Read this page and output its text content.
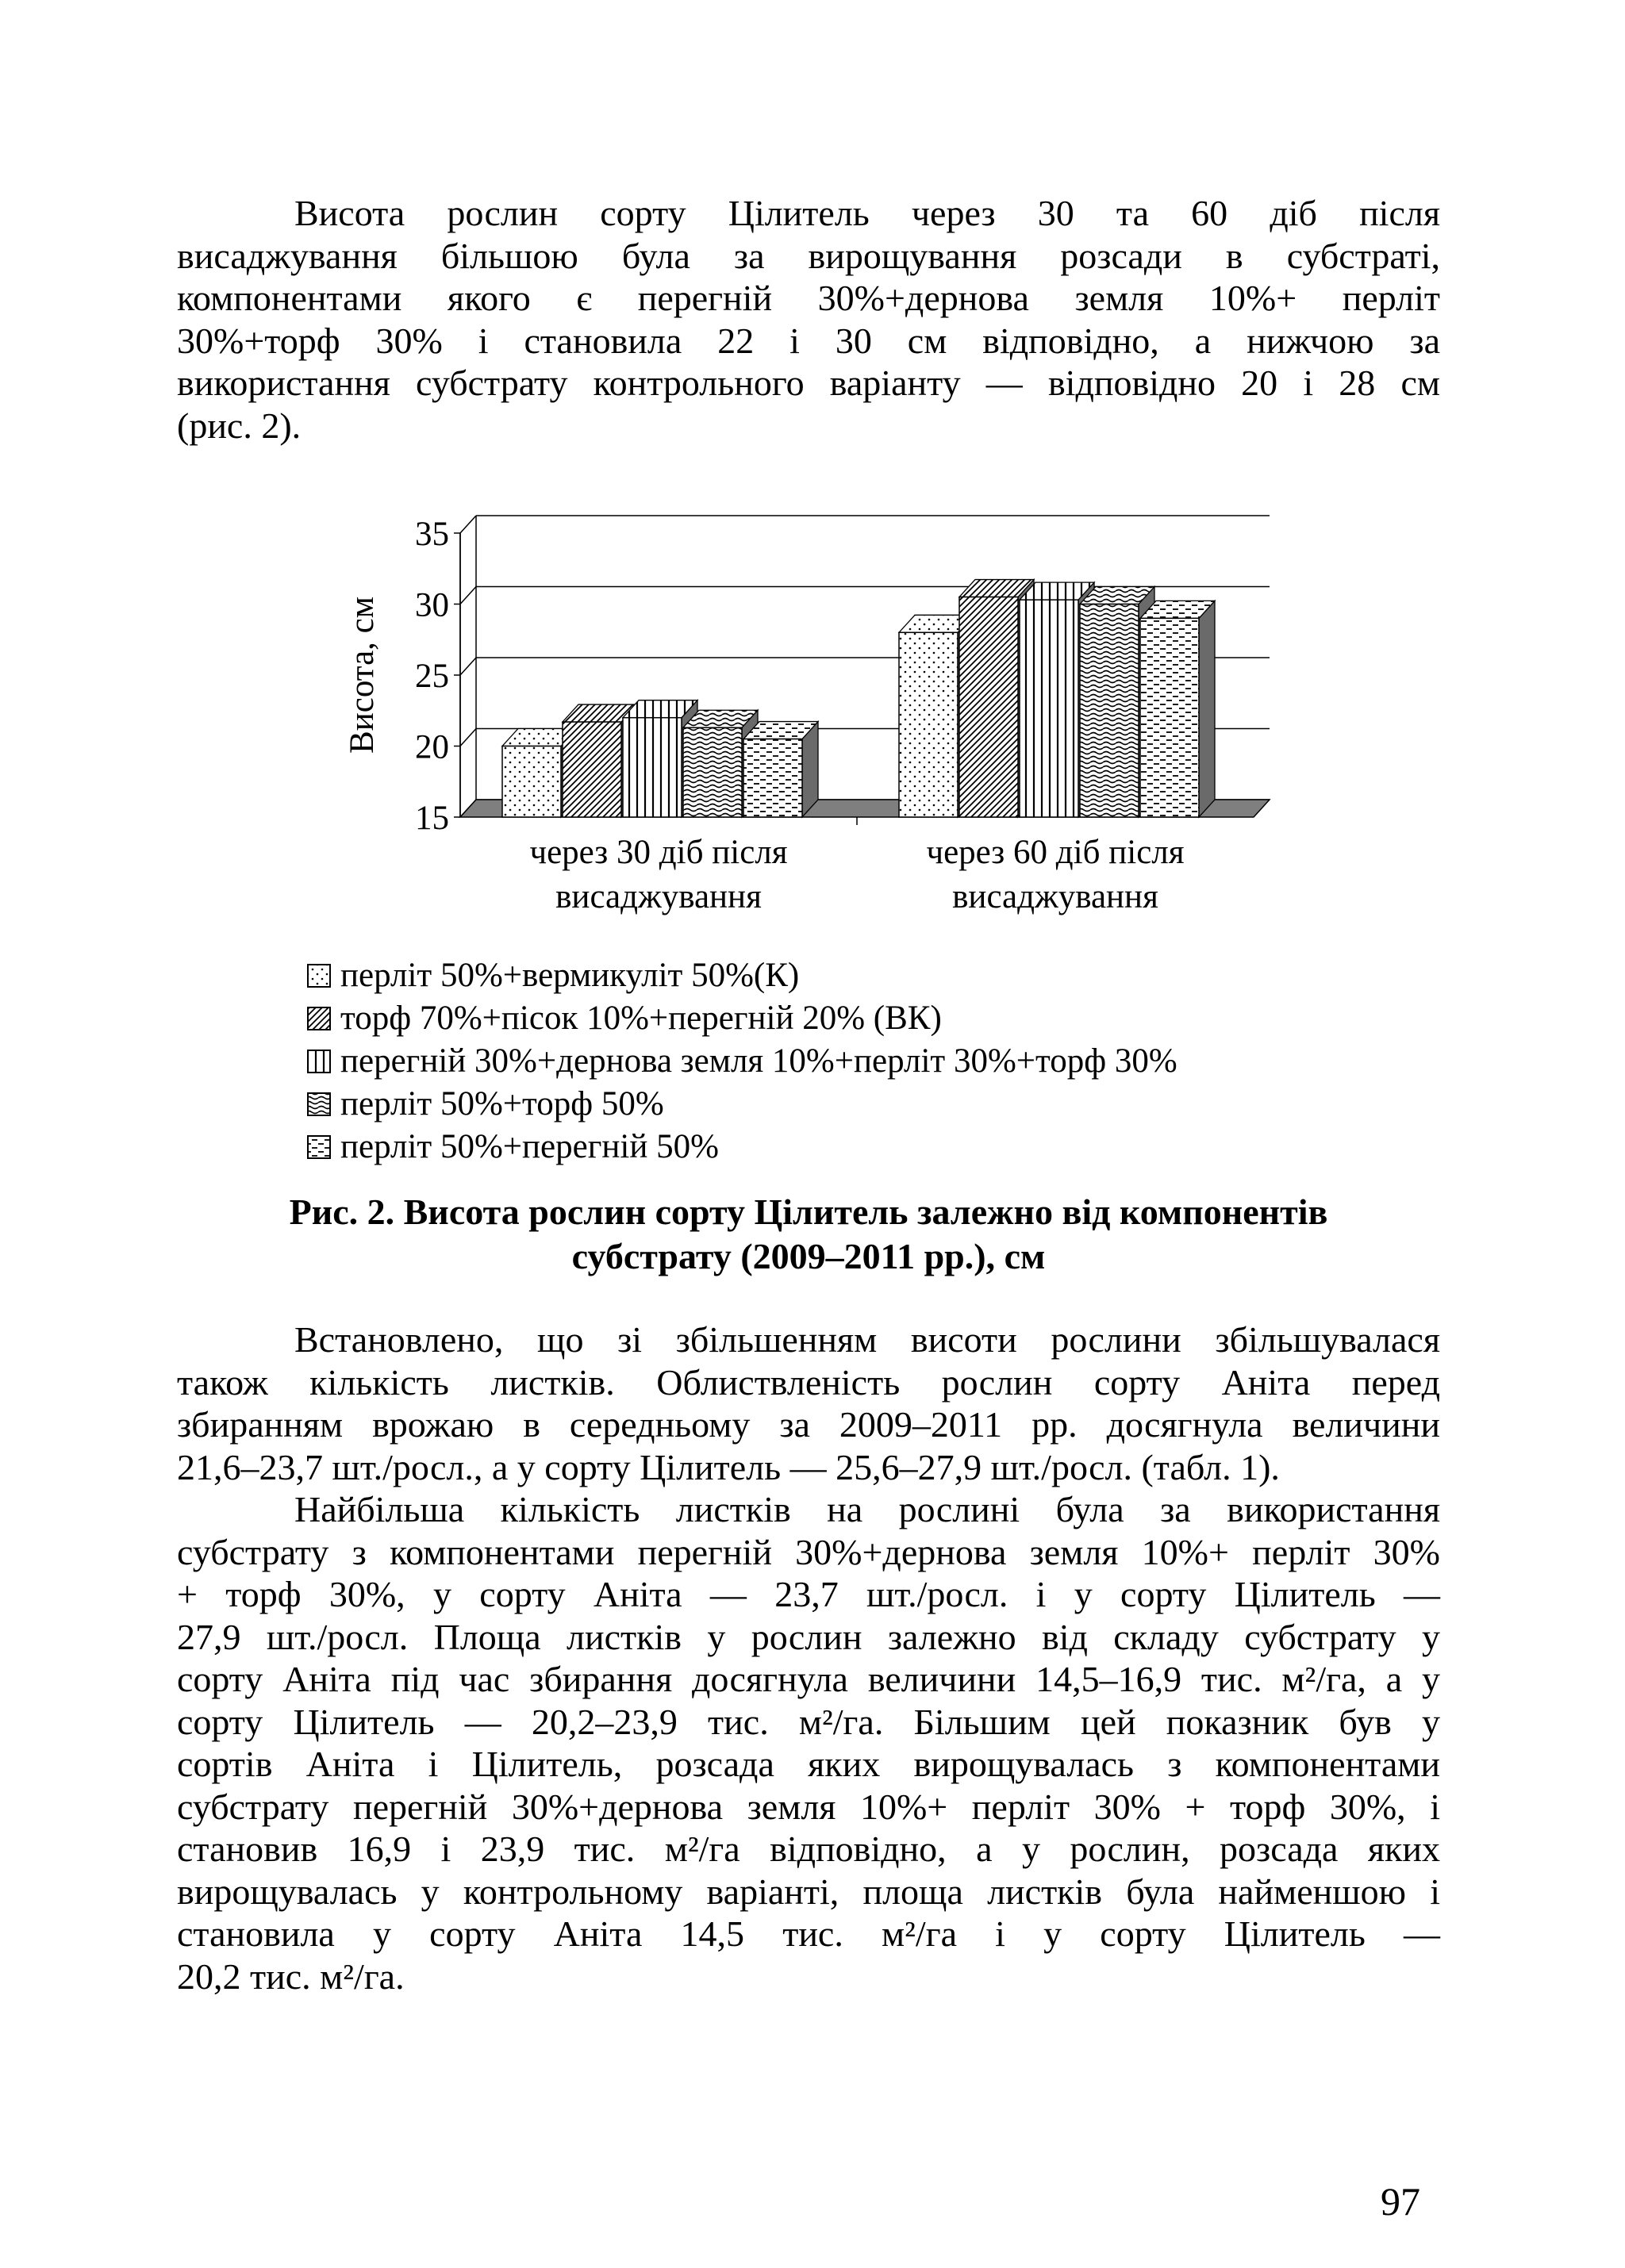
Висота рослин сорту Цілитель через 30 та 60 діб після
висаджування більшою була за вирощування розсади в субстраті,
компонентами якого є перегній 30%+дернова земля 10%+ перліт
30%+торф 30% і становила 22 і 30 см відповідно, а нижчою за
використання субстрату контрольного варіанту — відповідно 20 і 28 см
(рис. 2).
15
20
25
30
35
Висота, см
через 30 діб після
висаджування
через 60 діб після
висаджування
перліт 50%+вермикуліт 50%(К)
торф 70%+пісок 10%+перегній 20% (ВК)
перегній 30%+дернова земля 10%+перліт 30%+торф 30%
перліт 50%+торф 50%
перліт 50%+перегній 50%

Рис. 2. Висота рослин сорту Цілитель залежно від компонентів
субстрату (2009–2011 рр.), см

Встановлено, що зі збільшенням висоти рослини збільшувалася
також кількість листків. Облиствленість рослин сорту Аніта перед
збиранням врожаю в середньому за 2009–2011 рр. досягнула величини
21,6–23,7 шт./росл., а у сорту Цілитель — 25,6–27,9 шт./росл. (табл. 1).
Найбільша кількість листків на рослині була за використання
субстрату з компонентами перегній 30%+дернова земля 10%+ перліт 30%
+ торф 30%, у сорту Аніта — 23,7 шт./росл. і у сорту Цілитель —
27,9 шт./росл. Площа листків у рослин залежно від складу субстрату у
сорту Аніта під час збирання досягнула величини 14,5–16,9 тис. м²/га, а у
сорту Цілитель — 20,2–23,9 тис. м²/га. Більшим цей показник був у
сортів Аніта і Цілитель, розсада яких вирощувалась з компонентами
субстрату перегній 30%+дернова земля 10%+ перліт 30% + торф 30%, і
становив 16,9 і 23,9 тис. м²/га відповідно, а у рослин, розсада яких
вирощувалась у контрольному варіанті, площа листків була найменшою і
становила у сорту Аніта 14,5 тис. м²/га і у сорту Цілитель —
20,2 тис. м²/га.
97
